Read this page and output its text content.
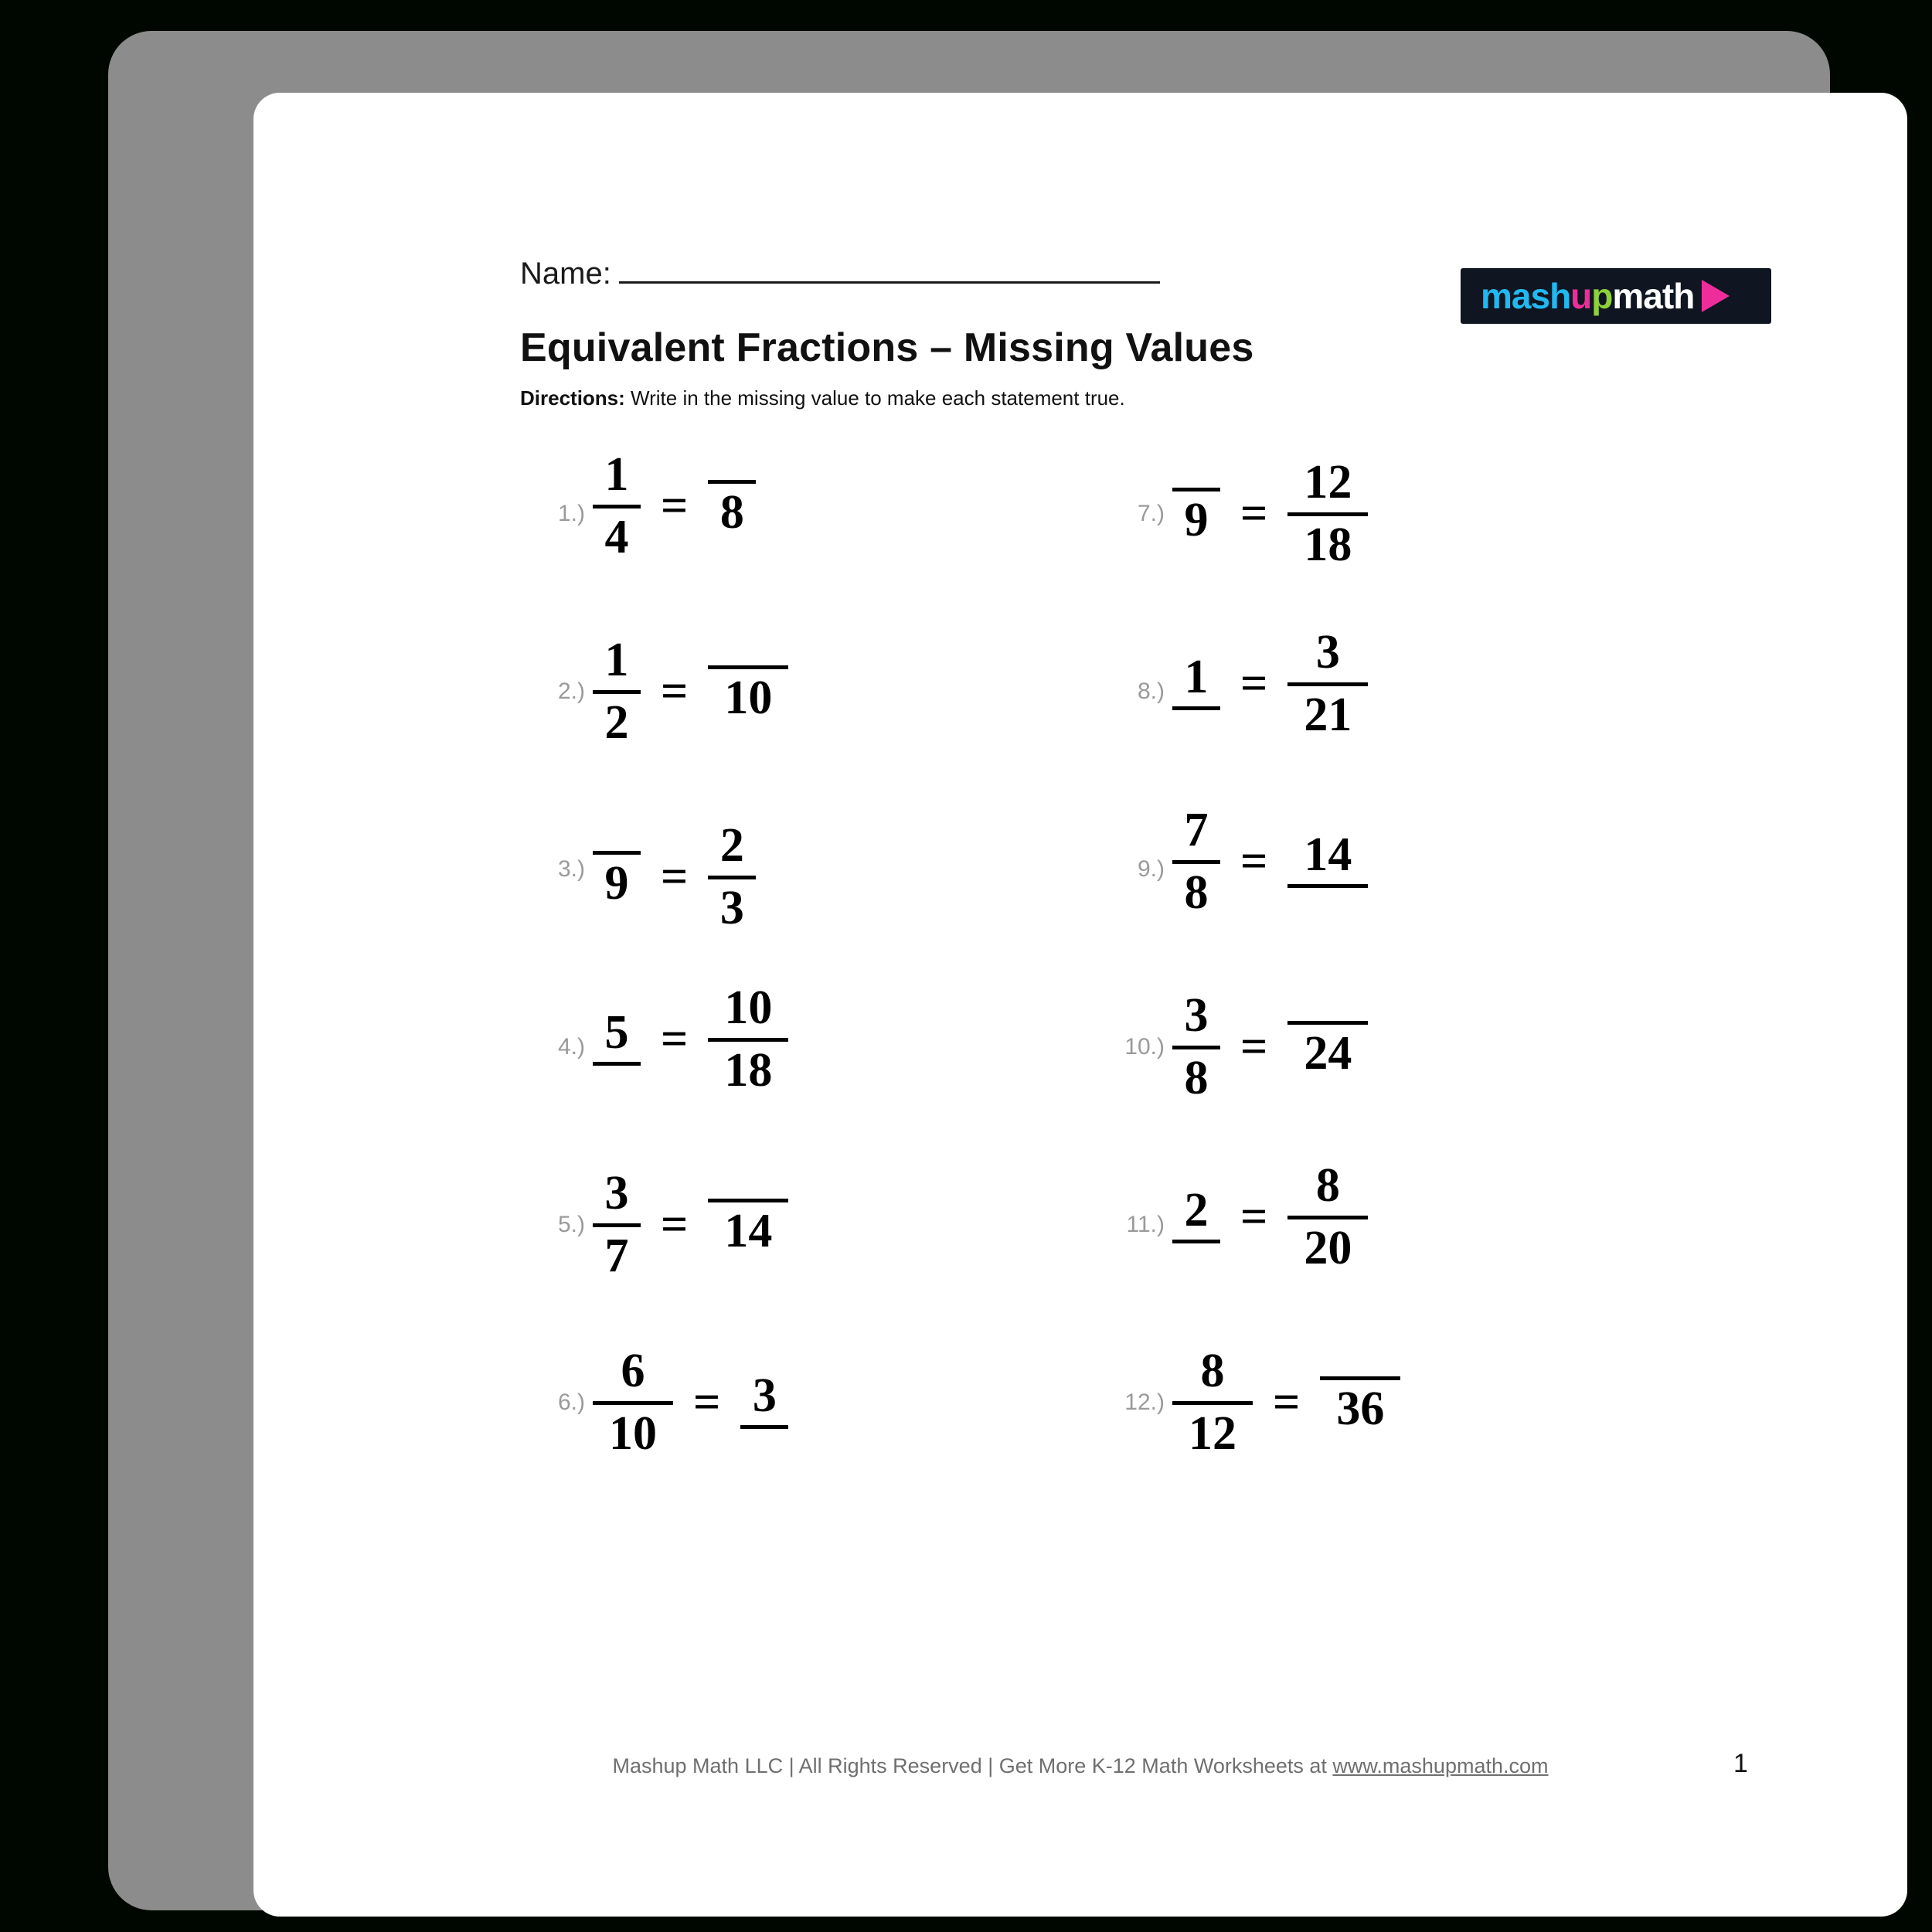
Name:
mashupmath
Equivalent Fractions – Missing Values
Directions: Write in the missing value to make each statement true.
1.)
1
4
= 8
2.)
1
2
= 10
3.) 9 =
2
3
4.) 5 =
10
18
5.)
3
7
= 14
6.)
6
10
= 3
7.) 9 =
12
18
8.) 1 =
3
21
9.)
7
8
= 14
10.)
3
8
= 24
11.) 2 =
8
20
12.)
8
12
= 36
Mashup Math LLC | All Rights Reserved | Get More K-12 Math Worksheets at www.mashupmath.com	1
